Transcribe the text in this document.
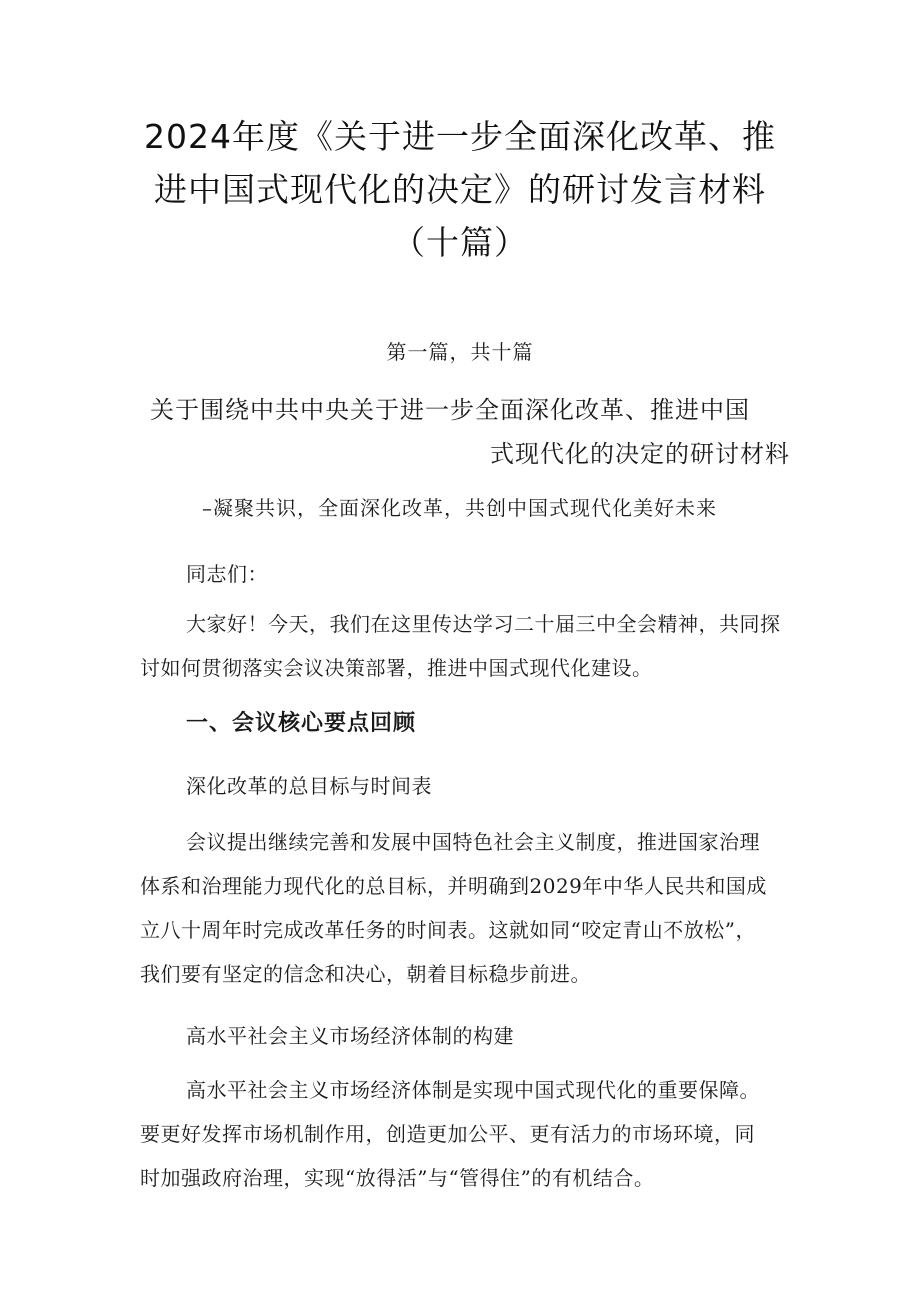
2024年度《关于进一步全面深化改革、推
进中国式现代化的决定》的研讨发言材料
（十篇）
第一篇，共十篇
关于围绕中共中央关于进一步全面深化改革、推进中国
式现代化的决定的研讨材料
–凝聚共识，全面深化改革，共创中国式现代化美好未来
同志们：
大家好！今天，我们在这里传达学习二十届三中全会精神，共同探
讨如何贯彻落实会议决策部署，推进中国式现代化建设。
一、会议核心要点回顾
深化改革的总目标与时间表
会议提出继续完善和发展中国特色社会主义制度，推进国家治理
体系和治理能力现代化的总目标，并明确到2029年中华人民共和国成
立八十周年时完成改革任务的时间表。这就如同“咬定青山不放松”，
我们要有坚定的信念和决心，朝着目标稳步前进。
高水平社会主义市场经济体制的构建
高水平社会主义市场经济体制是实现中国式现代化的重要保障。
要更好发挥市场机制作用，创造更加公平、更有活力的市场环境，同
时加强政府治理，实现“放得活”与“管得住”的有机结合。
